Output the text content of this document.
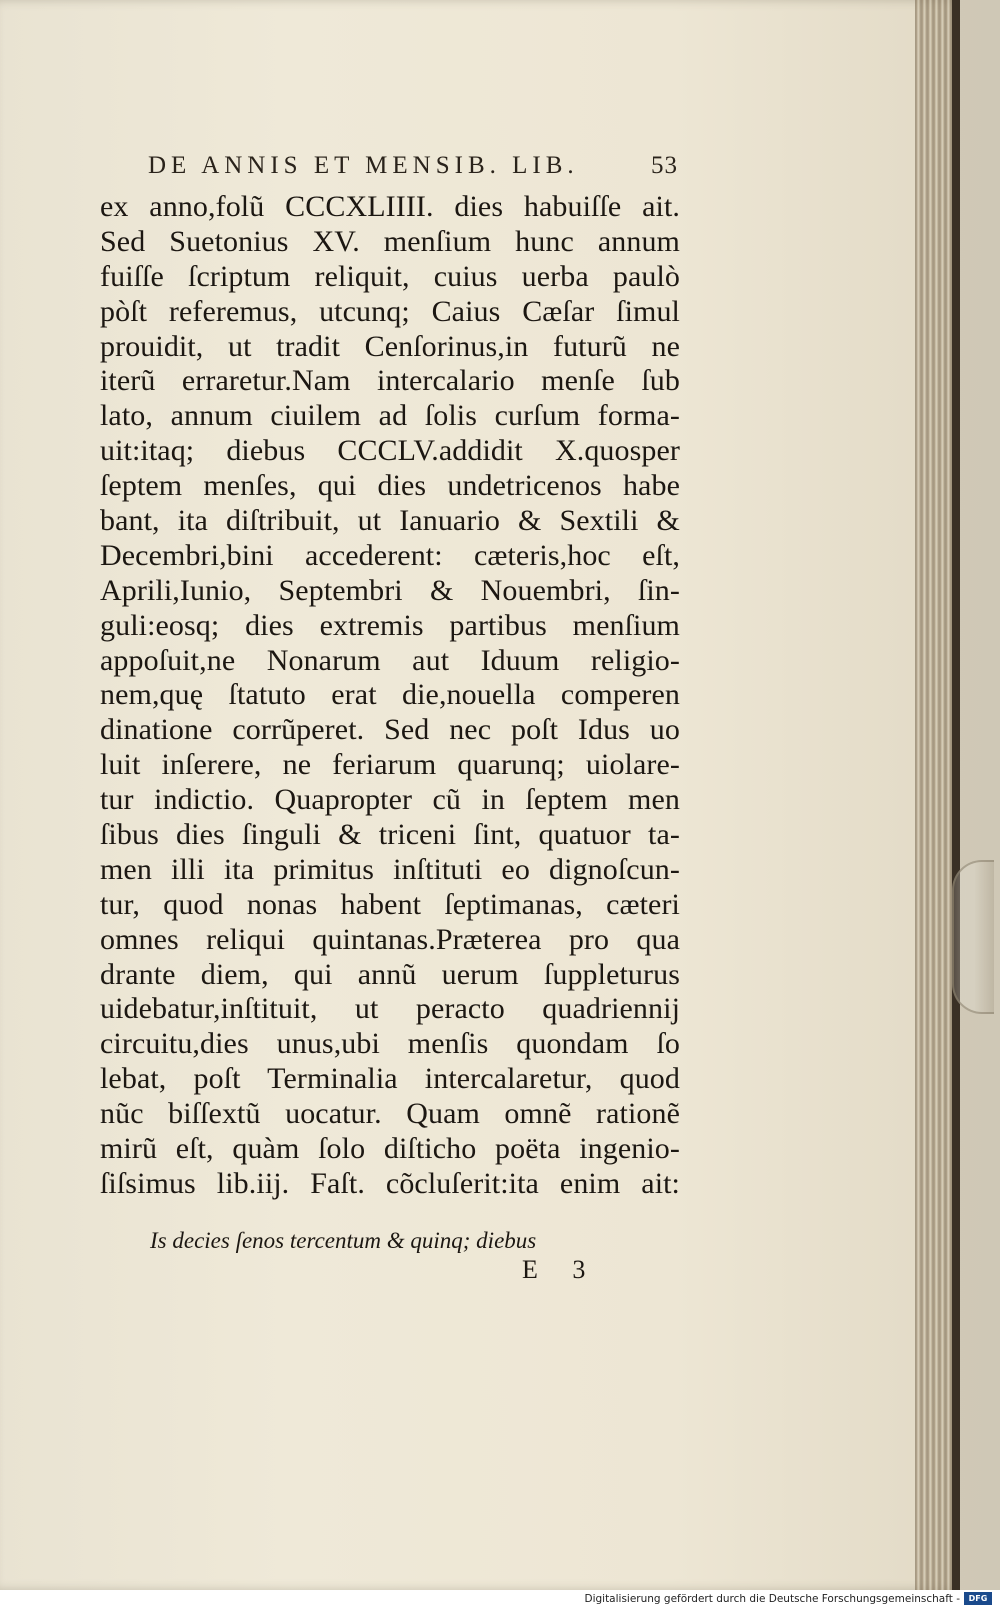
DE ANNIS ET MENSIB. LIB.	53
ex anno,folũ CCCXLIIII. dies habuiſſe ait.
Sed Suetonius XV. menſium hunc annum
fuiſſe ſcriptum reliquit, cuius uerba paulò
pòſt referemus, utcunq; Caius Cæſar ſimul
prouidit, ut tradit Cenſorinus,in futurũ ne
iterũ erraretur.Nam intercalario menſe ſub
lato, annum ciuilem ad ſolis curſum forma-
uit:itaq; diebus CCCLV.addidit X.quosper
ſeptem menſes, qui dies undetricenos habe
bant, ita diſtribuit, ut Ianuario & Sextili &
Decembri,bini accederent: cæteris,hoc eſt,
Aprili,Iunio, Septembri & Nouembri, ſin-
guli:eosq; dies extremis partibus menſium
appoſuit,ne Nonarum aut Iduum religio-
nem,quę ſtatuto erat die,nouella comperen
dinatione corrũperet. Sed nec poſt Idus uo
luit inſerere, ne feriarum quarunq; uiolare-
tur indictio. Quapropter cũ in ſeptem men
ſibus dies ſinguli & triceni ſint, quatuor ta-
men illi ita primitus inſtituti eo dignoſcun-
tur, quod nonas habent ſeptimanas, cæteri
omnes reliqui quintanas.Præterea pro qua
drante diem, qui annũ uerum ſuppleturus
uidebatur,inſtituit, ut peracto quadriennij
circuitu,dies unus,ubi menſis quondam ſo
lebat, poſt Terminalia intercalaretur, quod
nũc biſſextũ uocatur. Quam omnẽ rationẽ
mirũ eſt, quàm ſolo diſticho poëta ingenio-
ſiſsimus lib.iij. Faſt. cõcluſerit:ita enim ait:
Is decies ſenos tercentum & quinq; diebus
E 3
Digitalisierung gefördert durch die Deutsche Forschungsgemeinschaft -	DFG
